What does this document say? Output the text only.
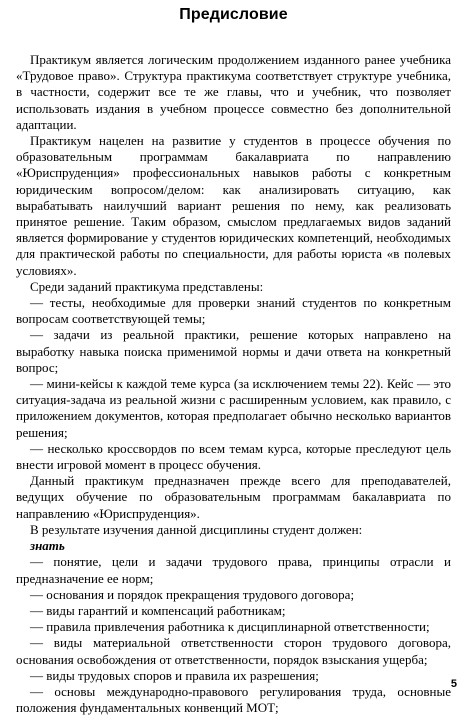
Предисловие

Практикум является логическим продолжением изданного ранее учебника «Трудовое право». Структура практикума соответствует структуре учебника, в частности, содержит все те же главы, что и учебник, что позволяет использовать издания в учебном процессе совместно без дополнительной адаптации.

Практикум нацелен на развитие у студентов в процессе обучения по образовательным программам бакалавриата по направлению «Юриспруденция» профессиональных навыков работы с конкретным юридическим вопросом/делом: как анализировать ситуацию, как вырабатывать наилучший вариант решения по нему, как реализовать принятое решение. Таким образом, смыслом предлагаемых видов заданий является формирование у студентов юридических компетенций, необходимых для практической работы по специальности, для работы юриста «в полевых условиях».

Среди заданий практикума представлены:

— тесты, необходимые для проверки знаний студентов по конкретным вопросам соответствующей темы;

— задачи из реальной практики, решение которых направлено на выработку навыка поиска применимой нормы и дачи ответа на конкретный вопрос;

— мини-кейсы к каждой теме курса (за исключением темы 22). Кейс — это ситуация-задача из реальной жизни с расширенным условием, как правило, с приложением документов, которая предполагает обычно несколько вариантов решения;

— несколько кроссвордов по всем темам курса, которые преследуют цель внести игровой момент в процесс обучения.

Данный практикум предназначен прежде всего для преподавателей, ведущих обучение по образовательным программам бакалавриата по направлению «Юриспруденция».

В результате изучения данной дисциплины студент должен:

знать

— понятие, цели и задачи трудового права, принципы отрасли и предназначение ее норм;

— основания и порядок прекращения трудового договора;

— виды гарантий и компенсаций работникам;

— правила привлечения работника к дисциплинарной ответственности;

— виды материальной ответственности сторон трудового договора, основания освобождения от ответственности, порядок взыскания ущерба;

— виды трудовых споров и правила их разрешения;

— основы международно-правового регулирования труда, основные положения фундаментальных конвенций МОТ;

5
